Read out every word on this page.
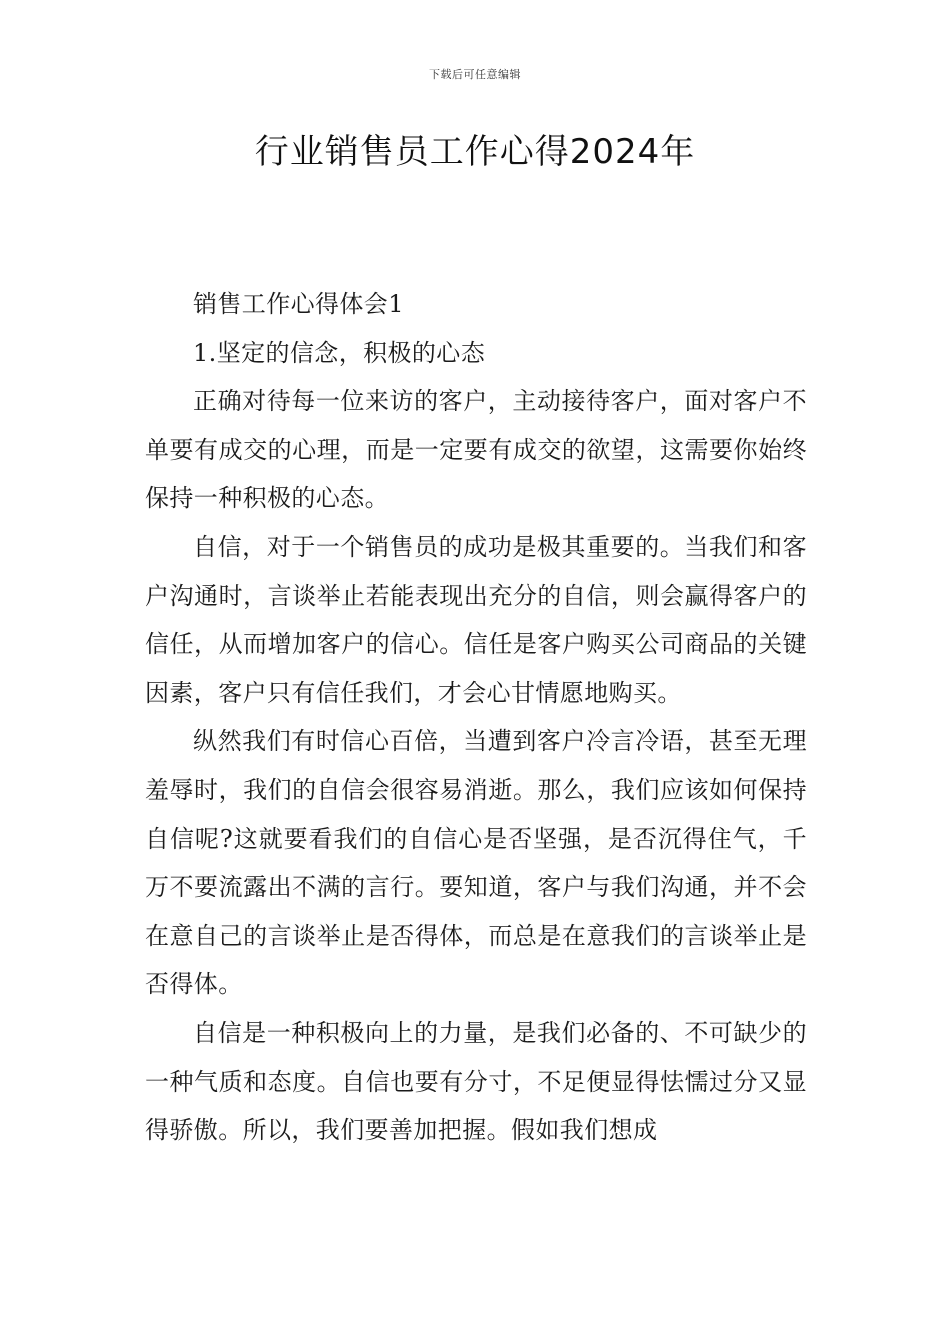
下载后可任意编辑
行业销售员工作心得2024年

销售工作心得体会1

1.坚定的信念，积极的心态

正确对待每一位来访的客户，主动接待客户，面对客户不单要有成交的心理，而是一定要有成交的欲望，这需要你始终保持一种积极的心态。

自信，对于一个销售员的成功是极其重要的。当我们和客户沟通时，言谈举止若能表现出充分的自信，则会赢得客户的信任，从而增加客户的信心。信任是客户购买公司商品的关键因素，客户只有信任我们，才会心甘情愿地购买。

纵然我们有时信心百倍，当遭到客户冷言冷语，甚至无理羞辱时，我们的自信会很容易消逝。那么，我们应该如何保持自信呢?这就要看我们的自信心是否坚强，是否沉得住气，千万不要流露出不满的言行。要知道，客户与我们沟通，并不会在意自己的言谈举止是否得体，而总是在意我们的言谈举止是否得体。

自信是一种积极向上的力量，是我们必备的、不可缺少的一种气质和态度。自信也要有分寸，不足便显得怯懦过分又显得骄傲。所以，我们要善加把握。假如我们想成
